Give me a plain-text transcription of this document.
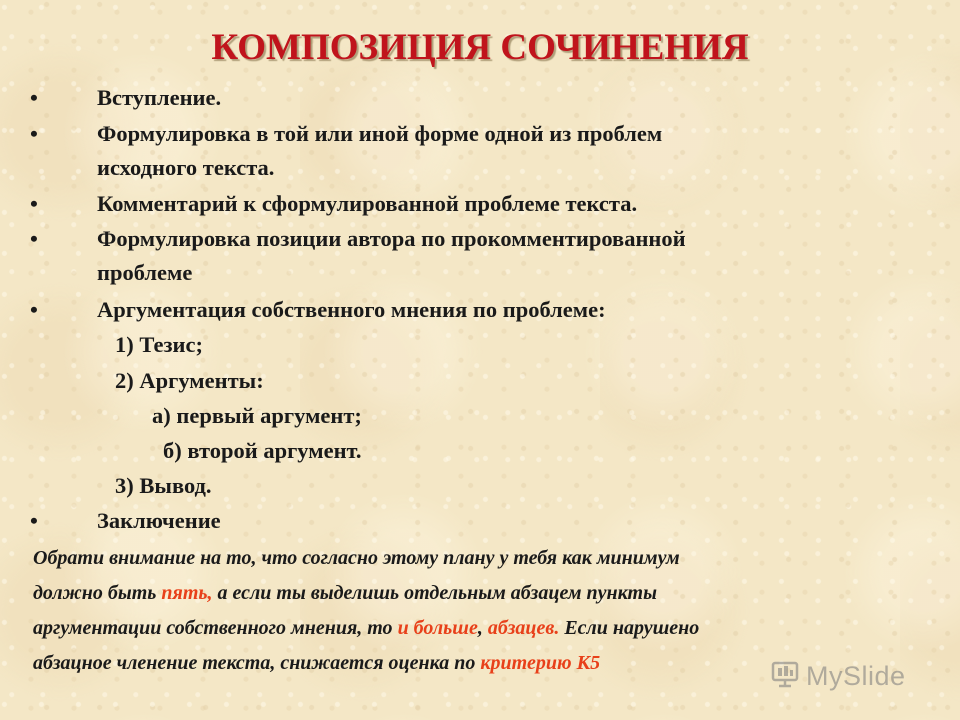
КОМПОЗИЦИЯ СОЧИНЕНИЯ
•	Вступление.
•	Формулировка в той или иной форме одной из проблем
исходного текста.
•	Комментарий к сформулированной проблеме текста.
•	Формулировка позиции автора по прокомментированной
проблеме
•	Аргументация собственного мнения по проблеме:
1) Тезис;
2) Аргументы:
а) первый аргумент;
б) второй аргумент.
3) Вывод.
•	Заключение
Обрати внимание на то, что согласно этому плану у тебя как минимум
должно быть пять, а если ты выделишь отдельным абзацем пункты
аргументации собственного мнения, то и больше, абзацев. Если нарушено
абзацное членение текста, снижается оценка по критерию К5	MySlide
